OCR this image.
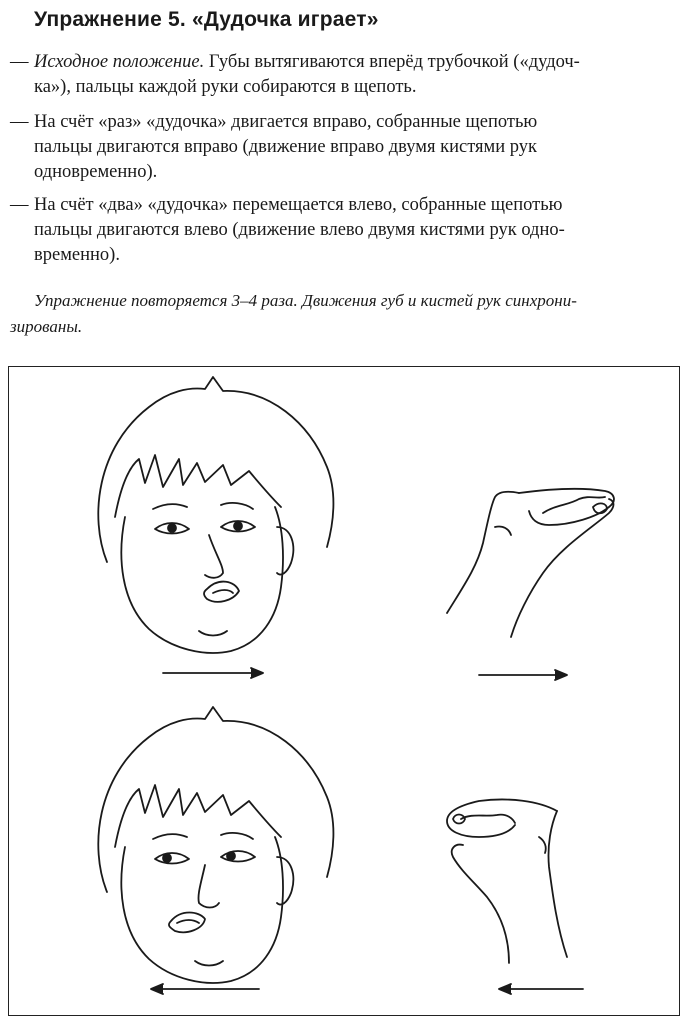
Упражнение 5. «Дудочка играет»
— Исходное положение. Губы вытягиваются вперёд трубочкой («дудоч-
ка»), пальцы каждой руки собираются в щепоть.
— На счёт «раз» «дудочка» двигается вправо, собранные щепотью
пальцы двигаются вправо (движение вправо двумя кистями рук
одновременно).
— На счёт «два» «дудочка» перемещается влево, собранные щепотью
пальцы двигаются влево (движение влево двумя кистями рук одно-
временно).
Упражнение повторяется 3–4 раза. Движения губ и кистей рук синхрони-
зированы.
